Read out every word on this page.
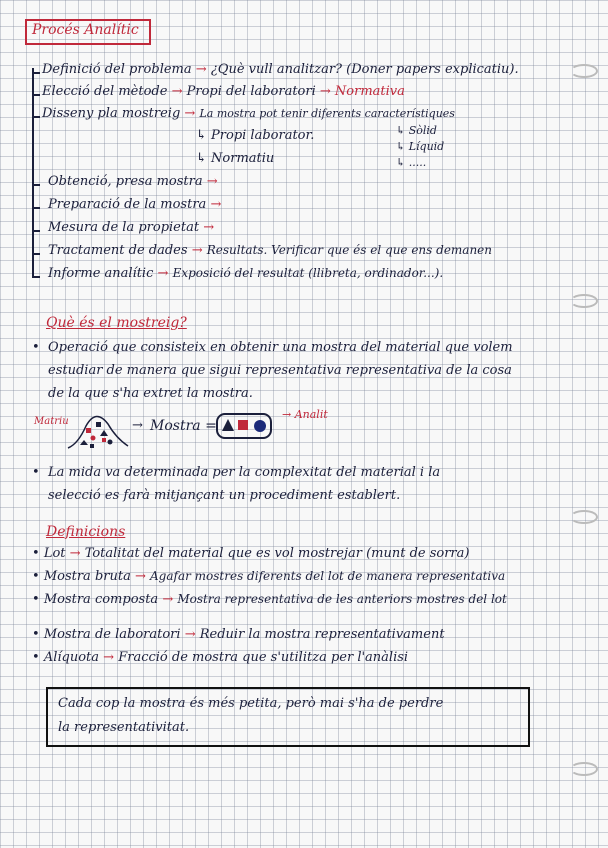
Procés Analític
Definició del problema → ¿Què vull analitzar? (Doner papers explicatiu).
Elecció del mètode → Propi del laboratori → Normativa
Disseny pla mostreig → La mostra pot tenir diferents característiques
↳ Propi laborator.
↳ Normatiu
↳ Sòlid
↳ Líquid
↳ .....
Obtenció, presa mostra →
Preparació de la mostra →
Mesura de la propietat →
Tractament de dades → Resultats. Verificar que és el que ens demanen
Informe analític → Exposició del resultat (llibreta, ordinador...).
Què és el mostreig?
• Operació que consisteix en obtenir una mostra del material que volem
estudiar de manera que sigui representativa representativa de la cosa
de la que s'ha extret la mostra.
Matriu	→ Mostra =
→ Analit
• La mida va determinada per la complexitat del material i la
selecció es farà mitjançant un procediment establert.
Definicions
• Lot → Totalitat del material que es vol mostrejar (munt de sorra)
• Mostra bruta → Agafar mostres diferents del lot de manera representativa
• Mostra composta → Mostra representativa de les anteriors mostres del lot
• Mostra de laboratori → Reduir la mostra representativament
• Alíquota → Fracció de mostra que s'utilitza per l'anàlisi
Cada cop la mostra és més petita, però mai s'ha de perdre
la representativitat.
